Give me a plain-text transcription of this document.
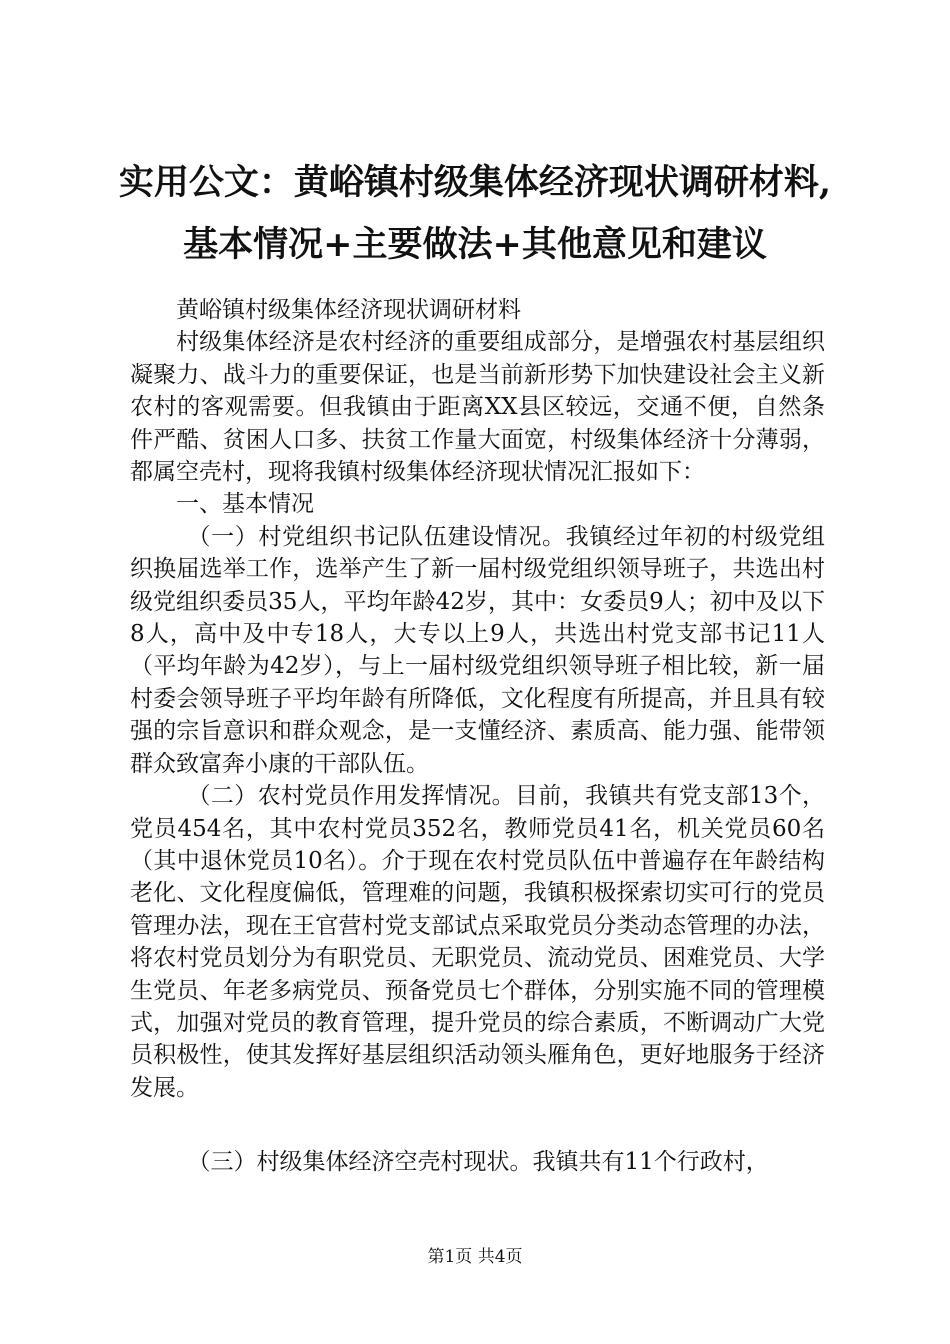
实用公文：黄峪镇村级集体经济现状调研材料,
基本情况+主要做法+其他意见和建议

黄峪镇村级集体经济现状调研材料

村级集体经济是农村经济的重要组成部分，是增强农村基层组织凝聚力、战斗力的重要保证，也是当前新形势下加快建设社会主义新农村的客观需要。但我镇由于距离XX县区较远，交通不便，自然条件严酷、贫困人口多、扶贫工作量大面宽，村级集体经济十分薄弱，都属空壳村，现将我镇村级集体经济现状情况汇报如下：

一、基本情况

（一）村党组织书记队伍建设情况。我镇经过年初的村级党组织换届选举工作，选举产生了新一届村级党组织领导班子，共选出村级党组织委员35人，平均年龄42岁，其中：女委员9人；初中及以下8人，高中及中专18人，大专以上9人，共选出村党支部书记11人（平均年龄为42岁），与上一届村级党组织领导班子相比较，新一届村委会领导班子平均年龄有所降低，文化程度有所提高，并且具有较强的宗旨意识和群众观念，是一支懂经济、素质高、能力强、能带领群众致富奔小康的干部队伍。

（二）农村党员作用发挥情况。目前，我镇共有党支部13个，党员454名，其中农村党员352名，教师党员41名，机关党员60名（其中退休党员10名）。介于现在农村党员队伍中普遍存在年龄结构老化、文化程度偏低，管理难的问题，我镇积极探索切实可行的党员管理办法，现在王官营村党支部试点采取党员分类动态管理的办法，将农村党员划分为有职党员、无职党员、流动党员、困难党员、大学生党员、年老多病党员、预备党员七个群体，分别实施不同的管理模式，加强对党员的教育管理，提升党员的综合素质，不断调动广大党员积极性，使其发挥好基层组织活动领头雁角色，更好地服务于经济发展。

（三）村级集体经济空壳村现状。我镇共有11个行政村，

第1页 共4页
